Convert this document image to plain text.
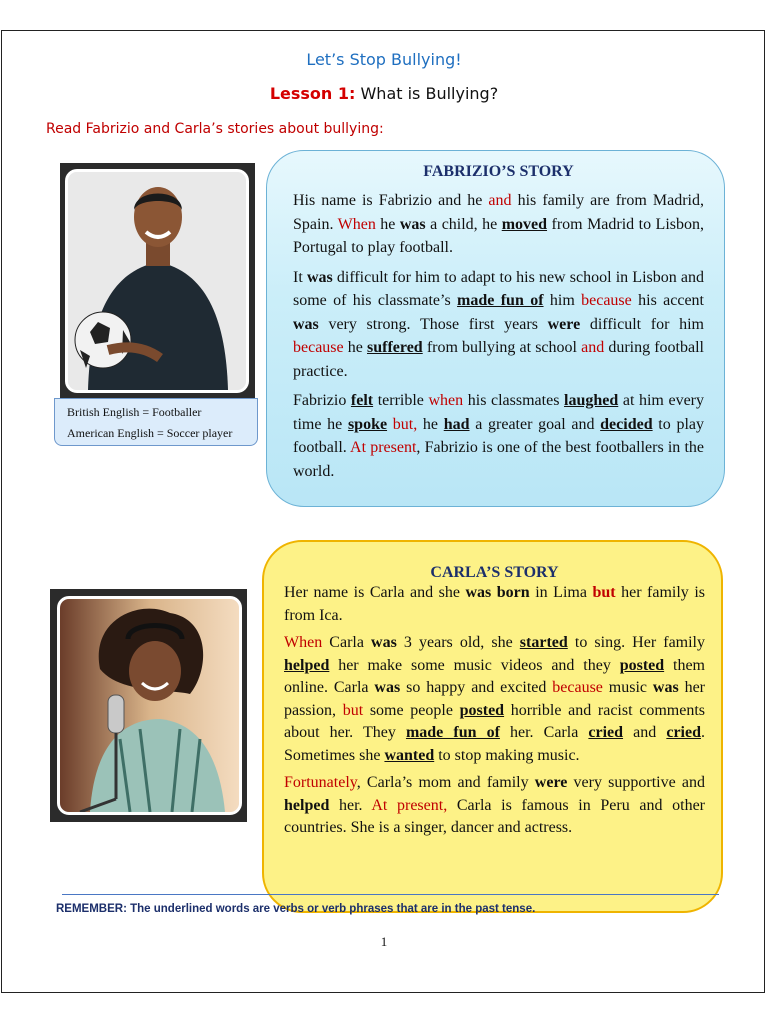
Let’s Stop Bullying!
Lesson 1: What is Bullying?
Read Fabrizio and Carla’s stories about bullying:
British English = Footballer
American English = Soccer player
FABRIZIO’S STORY

His name is Fabrizio and he and his family are from Madrid, Spain. When he was a child, he moved from Madrid to Lisbon, Portugal to play football.

It was difficult for him to adapt to his new school in Lisbon and some of his classmate’s made fun of him because his accent was very strong. Those first years were difficult for him because he suffered from bullying at school and during football practice.

Fabrizio felt terrible when his classmates laughed at him every time he spoke but, he had a greater goal and decided to play football. At present, Fabrizio is one of the best footballers in the world.

CARLA’S STORY

Her name is Carla and she was born in Lima but her family is from Ica.

When Carla was 3 years old, she started to sing. Her family helped her make some music videos and they posted them online. Carla was so happy and excited because music was her passion, but some people posted horrible and racist comments about her. They made fun of her. Carla cried and cried. Sometimes she wanted to stop making music.

Fortunately, Carla’s mom and family were very supportive and helped her. At present, Carla is famous in Peru and other countries. She is a singer, dancer and actress.

REMEMBER: The underlined words are verbs or verb phrases that are in the past tense.
1
